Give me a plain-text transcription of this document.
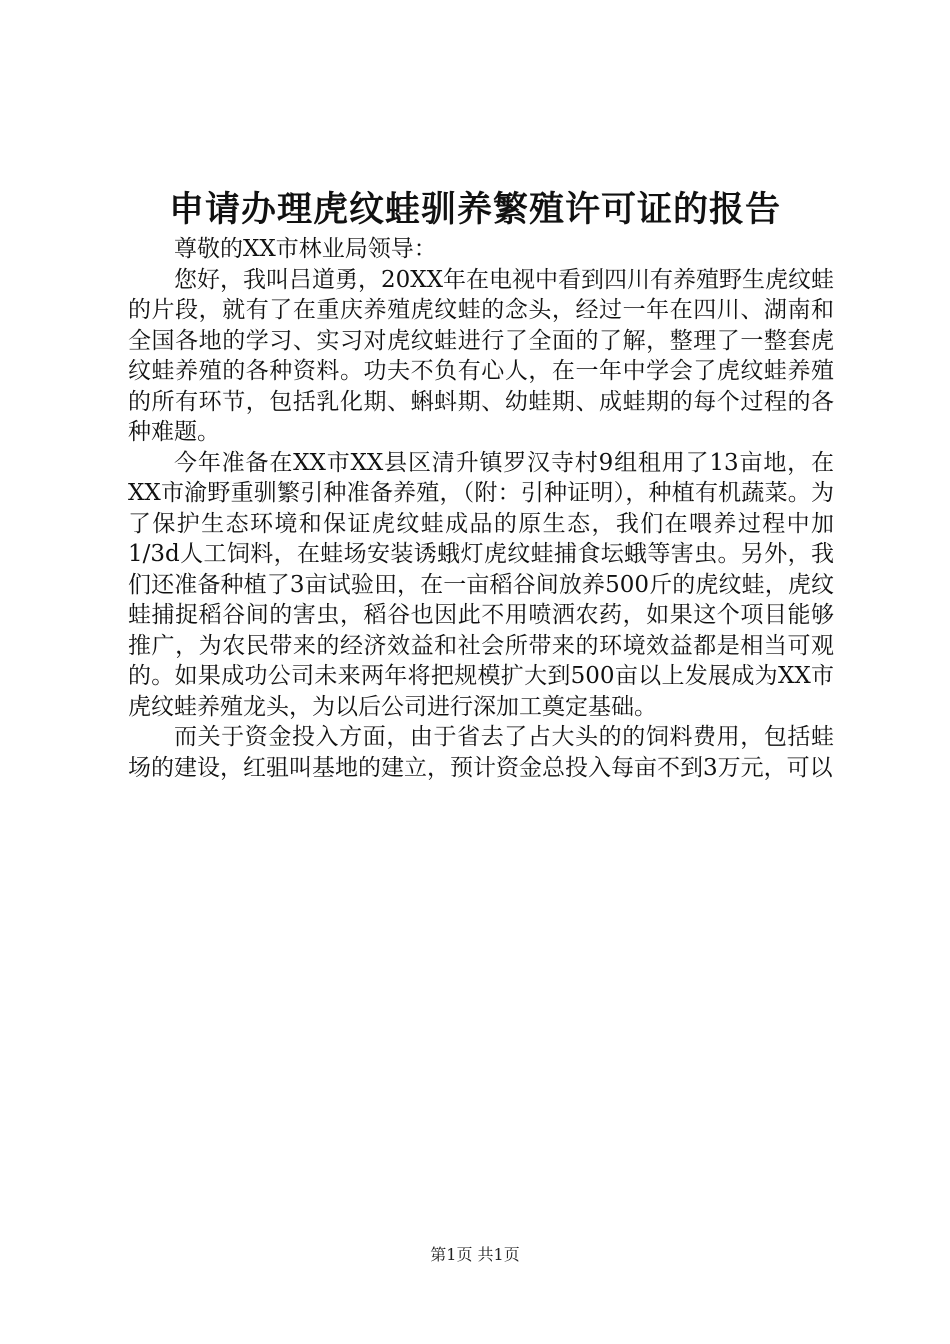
申请办理虎纹蛙驯养繁殖许可证的报告

尊敬的XX市林业局领导：

您好，我叫吕道勇，20XX年在电视中看到四川有养殖野生虎纹蛙的片段，就有了在重庆养殖虎纹蛙的念头，经过一年在四川、湖南和全国各地的学习、实习对虎纹蛙进行了全面的了解，整理了一整套虎纹蛙养殖的各种资料。功夫不负有心人，在一年中学会了虎纹蛙养殖的所有环节，包括乳化期、蝌蚪期、幼蛙期、成蛙期的每个过程的各种难题。

今年准备在XX市XX县区清升镇罗汉寺村9组租用了13亩地，在XX市渝野重驯繁引种准备养殖，（附：引种证明），种植有机蔬菜。为了保护生态环境和保证虎纹蛙成品的原生态，我们在喂养过程中加1/3d人工饲料，在蛙场安装诱蛾灯虎纹蛙捕食坛蛾等害虫。另外，我们还准备种植了3亩试验田，在一亩稻谷间放养500斤的虎纹蛙，虎纹蛙捕捉稻谷间的害虫，稻谷也因此不用喷洒农药，如果这个项目能够推广，为农民带来的经济效益和社会所带来的环境效益都是相当可观的。如果成功公司未来两年将把规模扩大到500亩以上发展成为XX市虎纹蛙养殖龙头，为以后公司进行深加工奠定基础。

而关于资金投入方面，由于省去了占大头的的饲料费用，包括蛙场的建设，红驵叫基地的建立，预计资金总投入每亩不到3万元，可以

第1页 共1页
